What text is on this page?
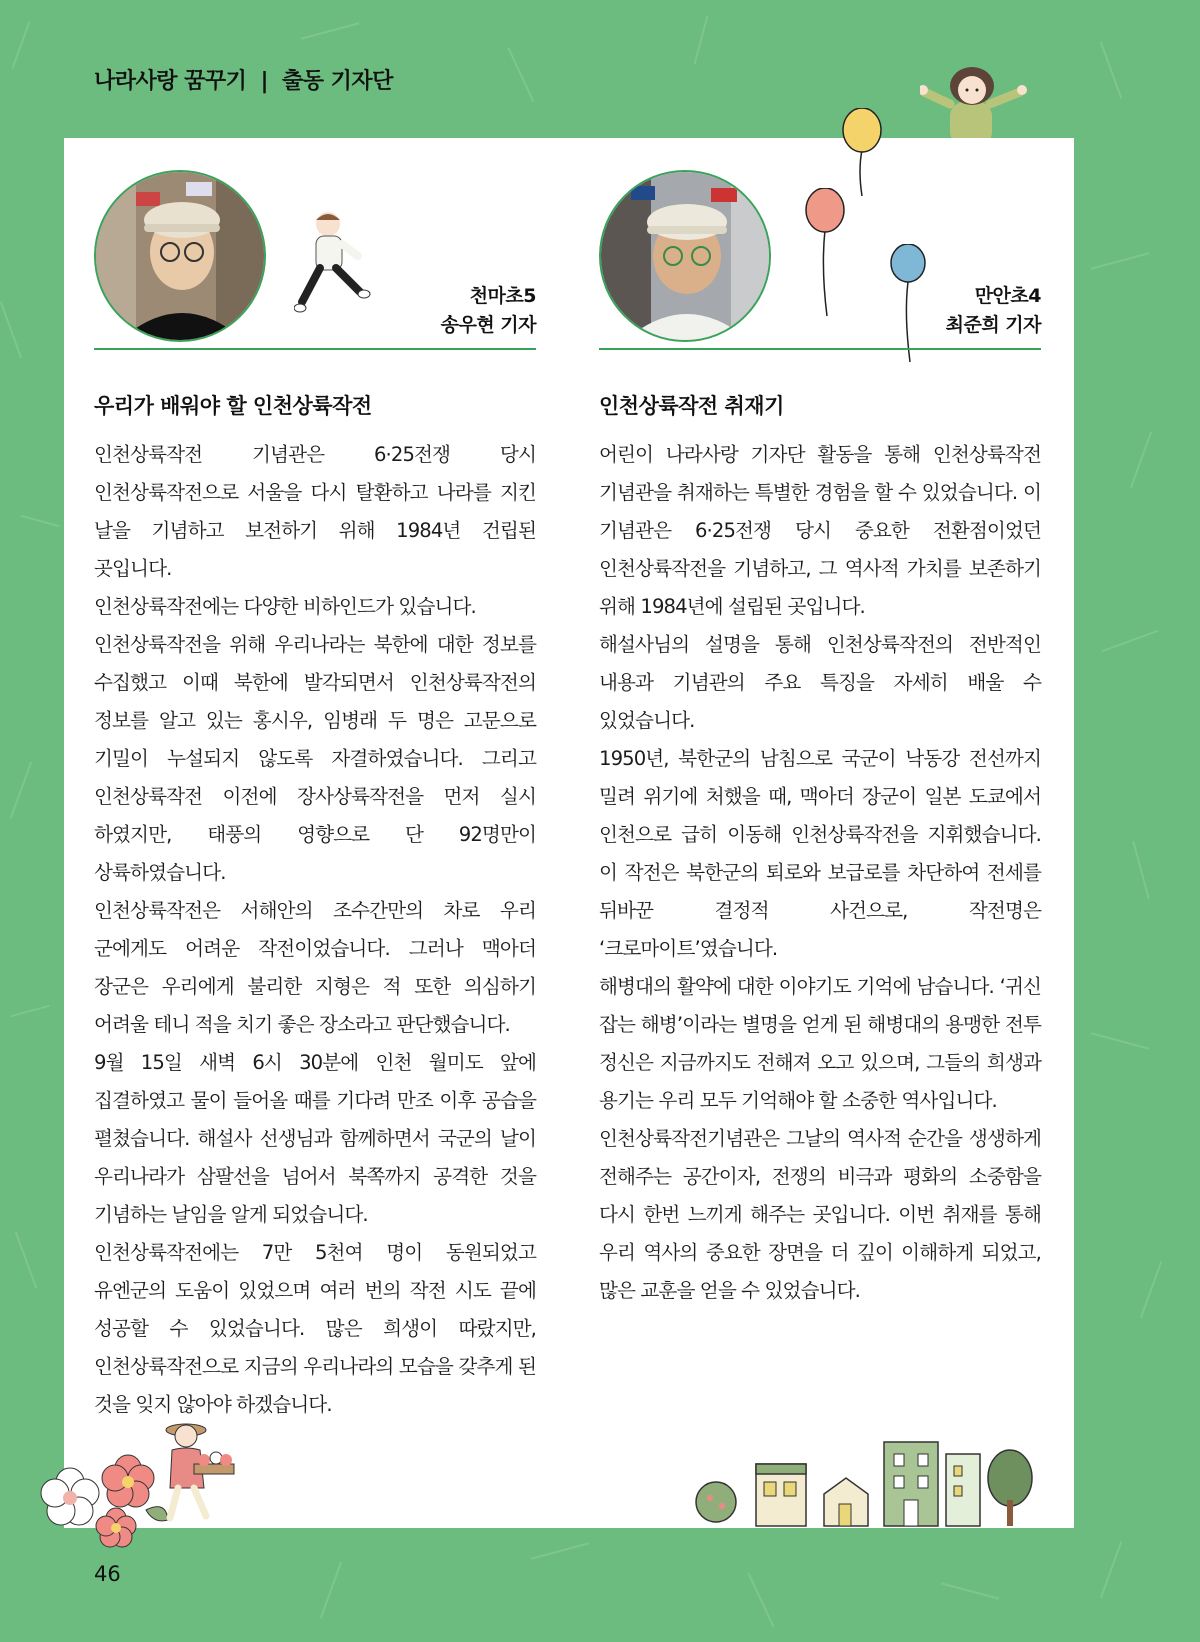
나라사랑 꿈꾸기 | 출동 기자단
천마초5
송우현 기자
우리가 배워야 할 인천상륙작전

인천상륙작전 기념관은 6·25전쟁 당시 인천상륙작전으로 서울을 다시 탈환하고 나라를 지킨 날을 기념하고 보전하기 위해 1984년 건립된 곳입니다.

인천상륙작전에는 다양한 비하인드가 있습니다.

인천상륙작전을 위해 우리나라는 북한에 대한 정보를 수집했고 이때 북한에 발각되면서 인천상륙작전의 정보를 알고 있는 홍시우, 임병래 두 명은 고문으로 기밀이 누설되지 않도록 자결하였습니다. 그리고 인천상륙작전 이전에 장사상륙작전을 먼저 실시 하였지만, 태풍의 영향으로 단 92명만이 상륙하였습니다.

인천상륙작전은 서해안의 조수간만의 차로 우리 군에게도 어려운 작전이었습니다. 그러나 맥아더 장군은 우리에게 불리한 지형은 적 또한 의심하기 어려울 테니 적을 치기 좋은 장소라고 판단했습니다.

9월 15일 새벽 6시 30분에 인천 월미도 앞에 집결하였고 물이 들어올 때를 기다려 만조 이후 공습을 펼쳤습니다. 해설사 선생님과 함께하면서 국군의 날이 우리나라가 삼팔선을 넘어서 북쪽까지 공격한 것을 기념하는 날임을 알게 되었습니다.

인천상륙작전에는 7만 5천여 명이 동원되었고 유엔군의 도움이 있었으며 여러 번의 작전 시도 끝에 성공할 수 있었습니다. 많은 희생이 따랐지만, 인천상륙작전으로 지금의 우리나라의 모습을 갖추게 된 것을 잊지 않아야 하겠습니다.

만안초4
최준희 기자
인천상륙작전 취재기

어린이 나라사랑 기자단 활동을 통해 인천상륙작전 기념관을 취재하는 특별한 경험을 할 수 있었습니다. 이 기념관은 6·25전쟁 당시 중요한 전환점이었던 인천상륙작전을 기념하고, 그 역사적 가치를 보존하기 위해 1984년에 설립된 곳입니다.

해설사님의 설명을 통해 인천상륙작전의 전반적인 내용과 기념관의 주요 특징을 자세히 배울 수 있었습니다.

1950년, 북한군의 남침으로 국군이 낙동강 전선까지 밀려 위기에 처했을 때, 맥아더 장군이 일본 도쿄에서 인천으로 급히 이동해 인천상륙작전을 지휘했습니다. 이 작전은 북한군의 퇴로와 보급로를 차단하여 전세를 뒤바꾼 결정적 사건으로, 작전명은 ‘크로마이트’였습니다.

해병대의 활약에 대한 이야기도 기억에 남습니다. ‘귀신 잡는 해병’이라는 별명을 얻게 된 해병대의 용맹한 전투 정신은 지금까지도 전해져 오고 있으며, 그들의 희생과 용기는 우리 모두 기억해야 할 소중한 역사입니다.

인천상륙작전기념관은 그날의 역사적 순간을 생생하게 전해주는 공간이자, 전쟁의 비극과 평화의 소중함을 다시 한번 느끼게 해주는 곳입니다. 이번 취재를 통해 우리 역사의 중요한 장면을 더 깊이 이해하게 되었고, 많은 교훈을 얻을 수 있었습니다.

46
